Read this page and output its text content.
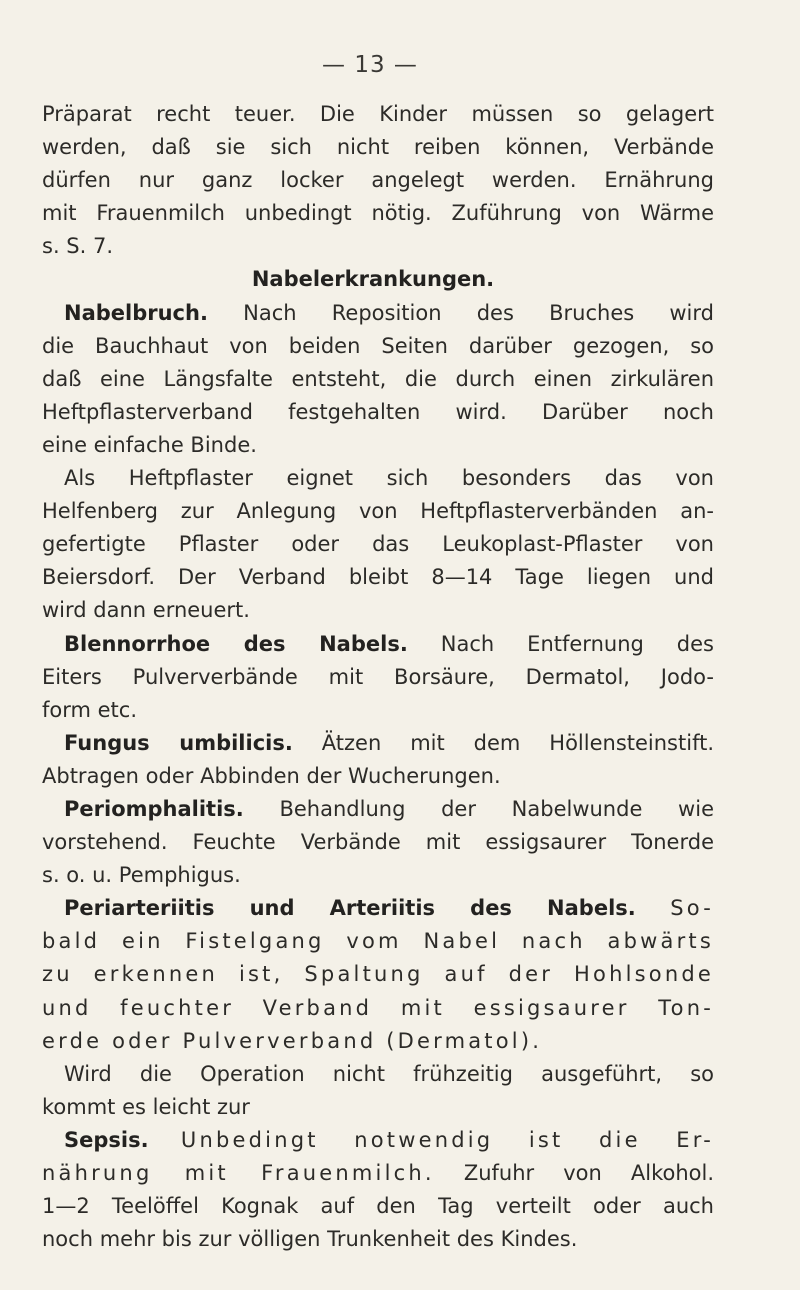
— 13 —
Präparat recht teuer. Die Kinder müssen so gelagert
werden, daß sie sich nicht reiben können, Verbände
dürfen nur ganz locker angelegt werden. Ernährung
mit Frauenmilch unbedingt nötig. Zuführung von Wärme
s. S. 7.
Nabelerkrankungen.
Nabelbruch. Nach Reposition des Bruches wird
die Bauchhaut von beiden Seiten darüber gezogen, so
daß eine Längsfalte entsteht, die durch einen zirkulären
Heftpflasterverband festgehalten wird. Darüber noch
eine einfache Binde.
Als Heftpflaster eignet sich besonders das von
Helfenberg zur Anlegung von Heftpflasterverbänden an-
gefertigte Pflaster oder das Leukoplast-Pflaster von
Beiersdorf. Der Verband bleibt 8—14 Tage liegen und
wird dann erneuert.
Blennorrhoe des Nabels. Nach Entfernung des
Eiters Pulververbände mit Borsäure, Dermatol, Jodo-
form etc.
Fungus umbilicis. Ätzen mit dem Höllensteinstift.
Abtragen oder Abbinden der Wucherungen.
Periomphalitis. Behandlung der Nabelwunde wie
vorstehend. Feuchte Verbände mit essigsaurer Tonerde
s. o. u. Pemphigus.
Periarteriitis und Arteriitis des Nabels. So-
bald ein Fistelgang vom Nabel nach abwärts
zu erkennen ist, Spaltung auf der Hohlsonde
und feuchter Verband mit essigsaurer Ton-
erde oder Pulververband (Dermatol).
Wird die Operation nicht frühzeitig ausgeführt, so
kommt es leicht zur
Sepsis. Unbedingt notwendig ist die Er-
nährung mit Frauenmilch. Zufuhr von Alkohol.
1—2 Teelöffel Kognak auf den Tag verteilt oder auch
noch mehr bis zur völligen Trunkenheit des Kindes.
